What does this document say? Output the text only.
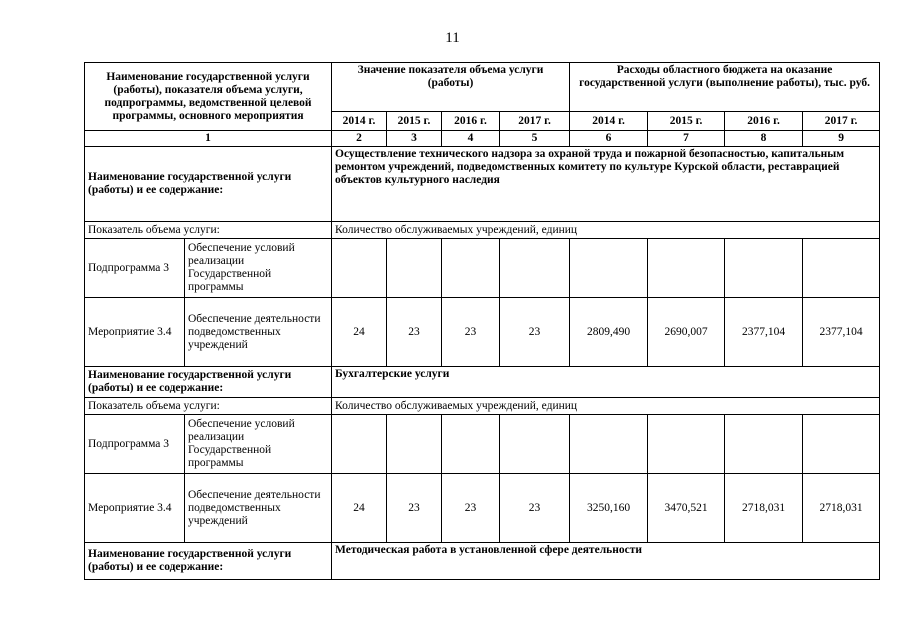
11
Наименование государственной услуги (работы), показателя объема услуги, подпрограммы, ведомственной целевой программы, основного мероприятия		Значение показателя объема услуги (работы)				Расходы областного бюджета на оказание государственной услуги (выполнение работы), тыс. руб.			
		2014 г.	2015 г.	2016 г.	2017 г.	2014 г.	2015 г.	2016 г.	2017 г.
1		2	3	4	5	6	7	8	9
Наименование государственной услуги (работы) и ее содержание:		Осуществление технического надзора за охраной труда и пожарной безопасностью, капитальным ремонтом учреждений, подведомственных комитету по культуре Курской области, реставрацией объектов культурного наследия							
Показатель объема услуги:		Количество обслуживаемых учреждений, единиц							
Подпрограмма 3	Обеспечение условий реализации Государственной программы								
Мероприятие 3.4	Обеспечение деятельности подведомственных учреждений	24	23	23	23	2809,490	2690,007	2377,104	2377,104
Наименование государственной услуги (работы) и ее содержание:		Бухгалтерские услуги							
Показатель объема услуги:		Количество обслуживаемых учреждений, единиц							
Подпрограмма 3	Обеспечение условий реализации Государственной программы								
Мероприятие 3.4	Обеспечение деятельности подведомственных учреждений	24	23	23	23	3250,160	3470,521	2718,031	2718,031
Наименование государственной услуги (работы) и ее содержание:		Методическая работа в установленной сфере деятельности							
